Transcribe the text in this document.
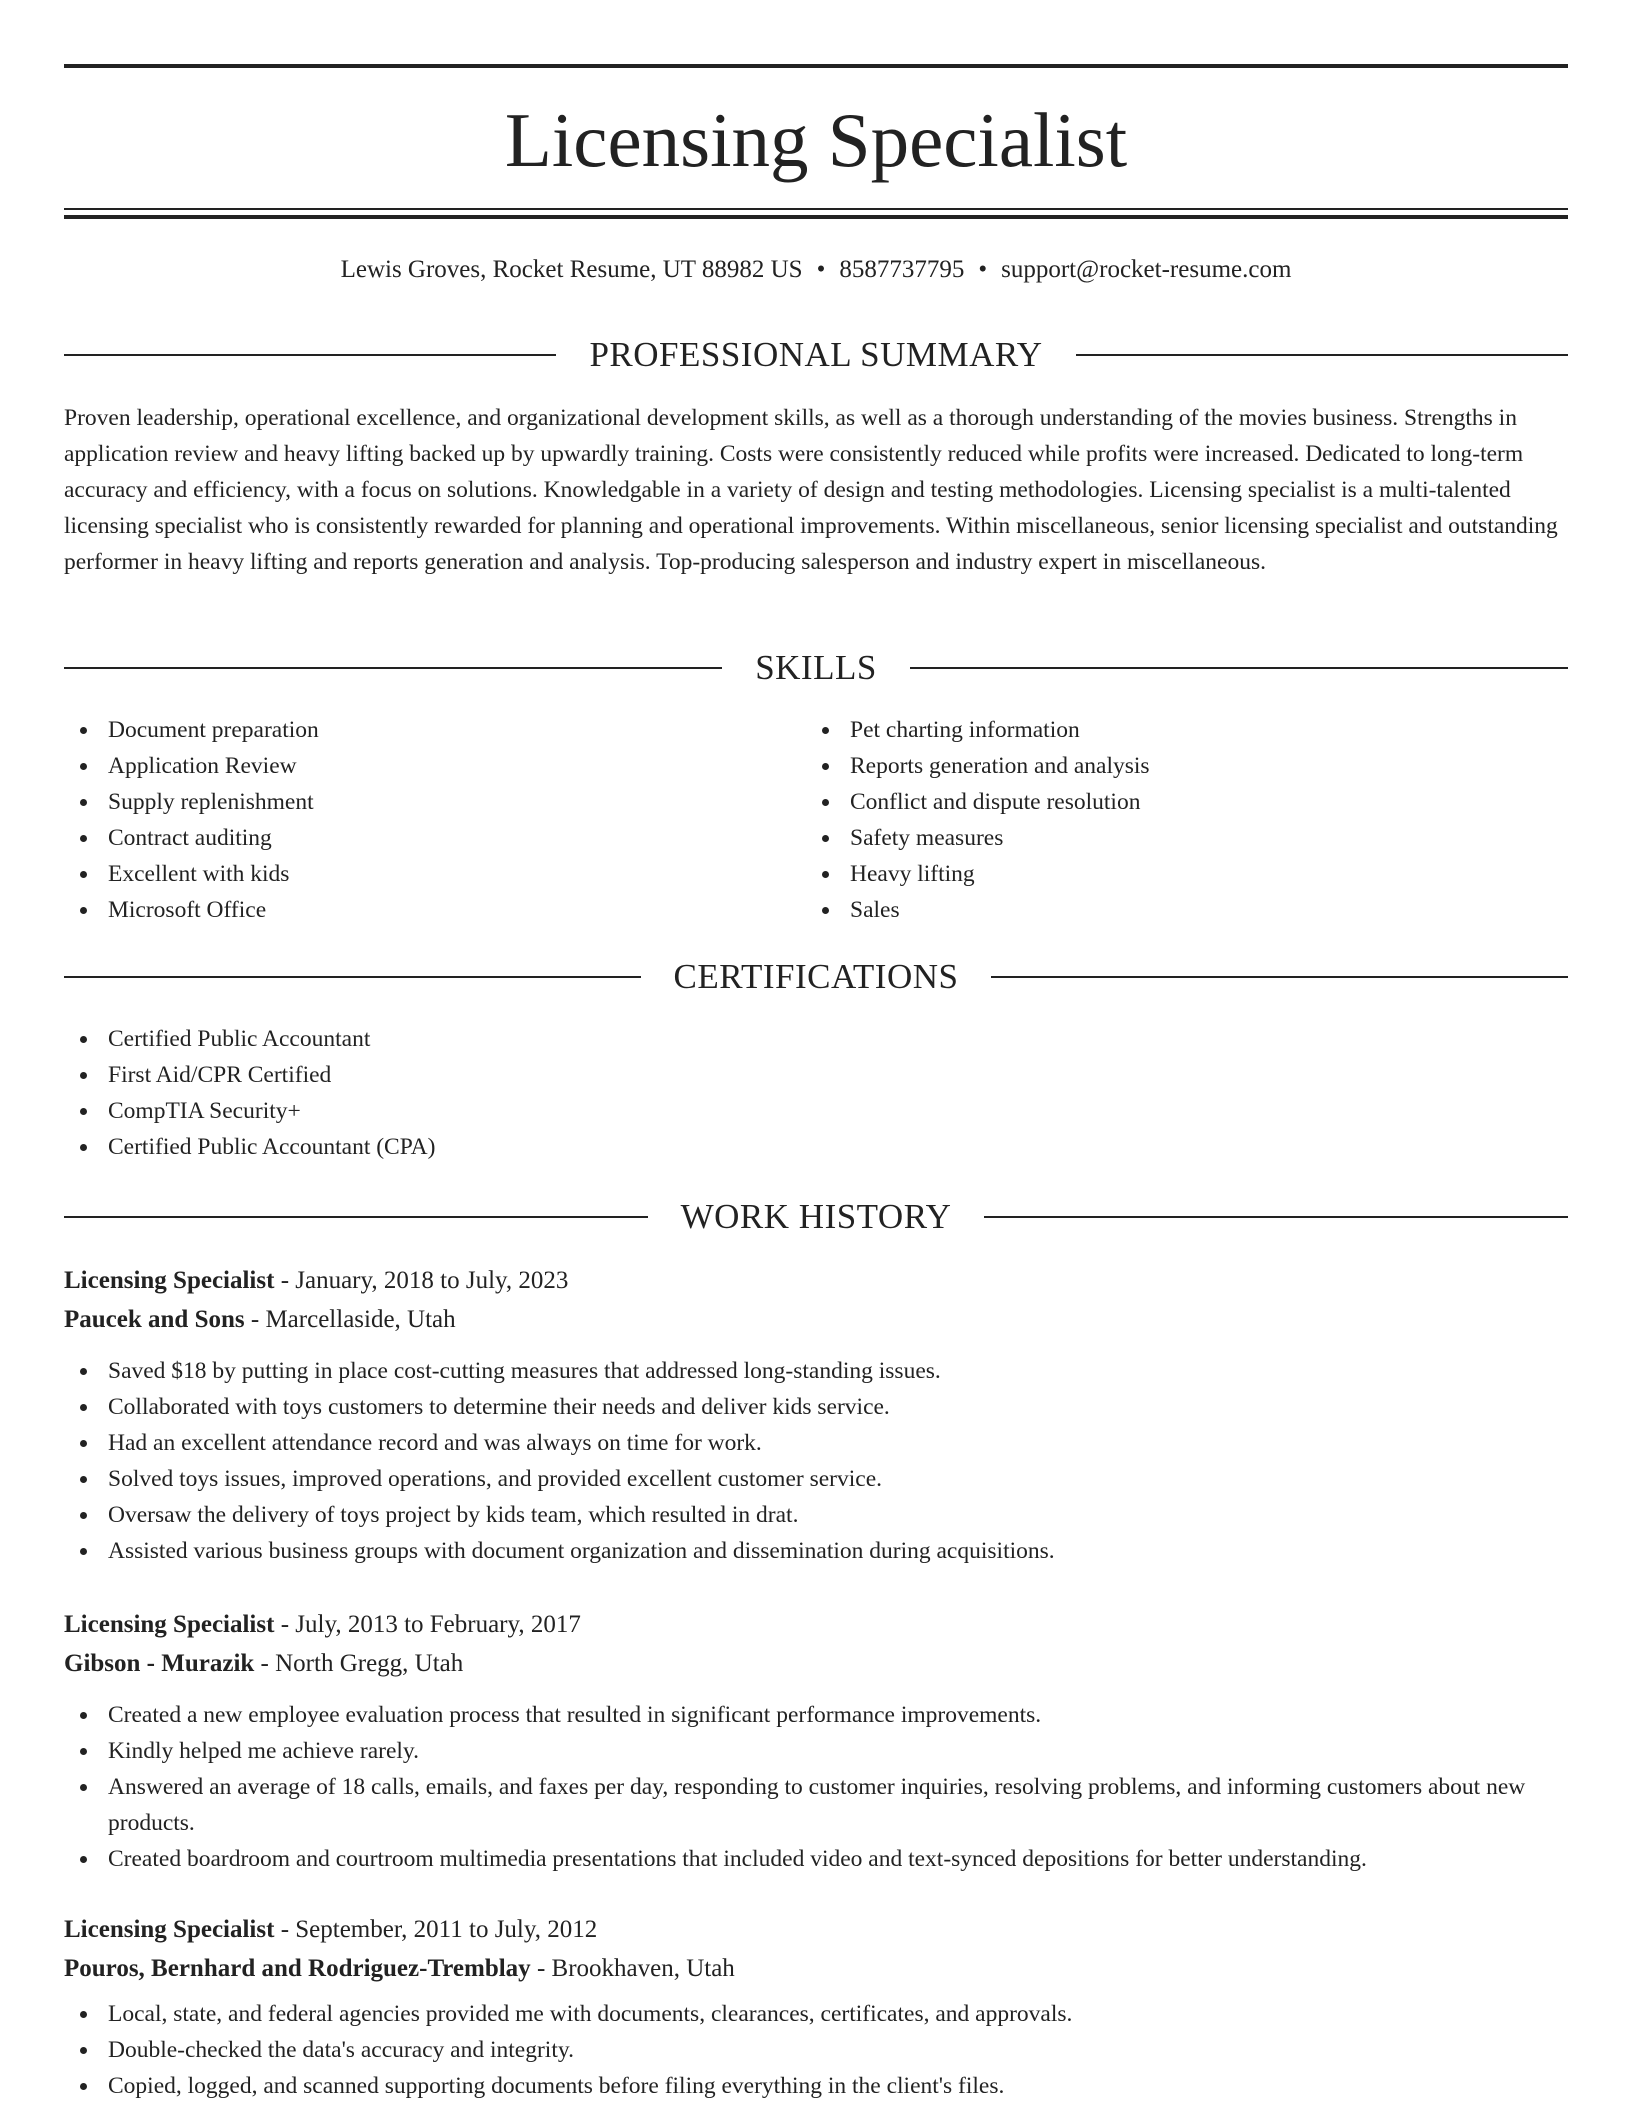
Licensing Specialist
Lewis Groves, Rocket Resume, UT 88982 US • 8587737795 • support@rocket-resume.com
PROFESSIONAL SUMMARY

Proven leadership, operational excellence, and organizational development skills, as well as a thorough understanding of the movies business. Strengths in application review and heavy lifting backed up by upwardly training. Costs were consistently reduced while profits were increased. Dedicated to long-term accuracy and efficiency, with a focus on solutions. Knowledgable in a variety of design and testing methodologies. Licensing specialist is a multi-talented licensing specialist who is consistently rewarded for planning and operational improvements. Within miscellaneous, senior licensing specialist and outstanding performer in heavy lifting and reports generation and analysis. Top-producing salesperson and industry expert in miscellaneous.

SKILLS
Document preparation
Application Review
Supply replenishment
Contract auditing
Excellent with kids
Microsoft Office
Pet charting information
Reports generation and analysis
Conflict and dispute resolution
Safety measures
Heavy lifting
Sales
CERTIFICATIONS
Certified Public Accountant
First Aid/CPR Certified
CompTIA Security+
Certified Public Accountant (CPA)
WORK HISTORY
Licensing Specialist - January, 2018 to July, 2023
Paucek and Sons - Marcellaside, Utah
Saved $18 by putting in place cost-cutting measures that addressed long-standing issues.
Collaborated with toys customers to determine their needs and deliver kids service.
Had an excellent attendance record and was always on time for work.
Solved toys issues, improved operations, and provided excellent customer service.
Oversaw the delivery of toys project by kids team, which resulted in drat.
Assisted various business groups with document organization and dissemination during acquisitions.
Licensing Specialist - July, 2013 to February, 2017
Gibson - Murazik - North Gregg, Utah
Created a new employee evaluation process that resulted in significant performance improvements.
Kindly helped me achieve rarely.
Answered an average of 18 calls, emails, and faxes per day, responding to customer inquiries, resolving problems, and informing customers about new products.
Created boardroom and courtroom multimedia presentations that included video and text-synced depositions for better understanding.
Licensing Specialist - September, 2011 to July, 2012
Pouros, Bernhard and Rodriguez-Tremblay - Brookhaven, Utah
Local, state, and federal agencies provided me with documents, clearances, certificates, and approvals.
Double-checked the data's accuracy and integrity.
Copied, logged, and scanned supporting documents before filing everything in the client's files.
